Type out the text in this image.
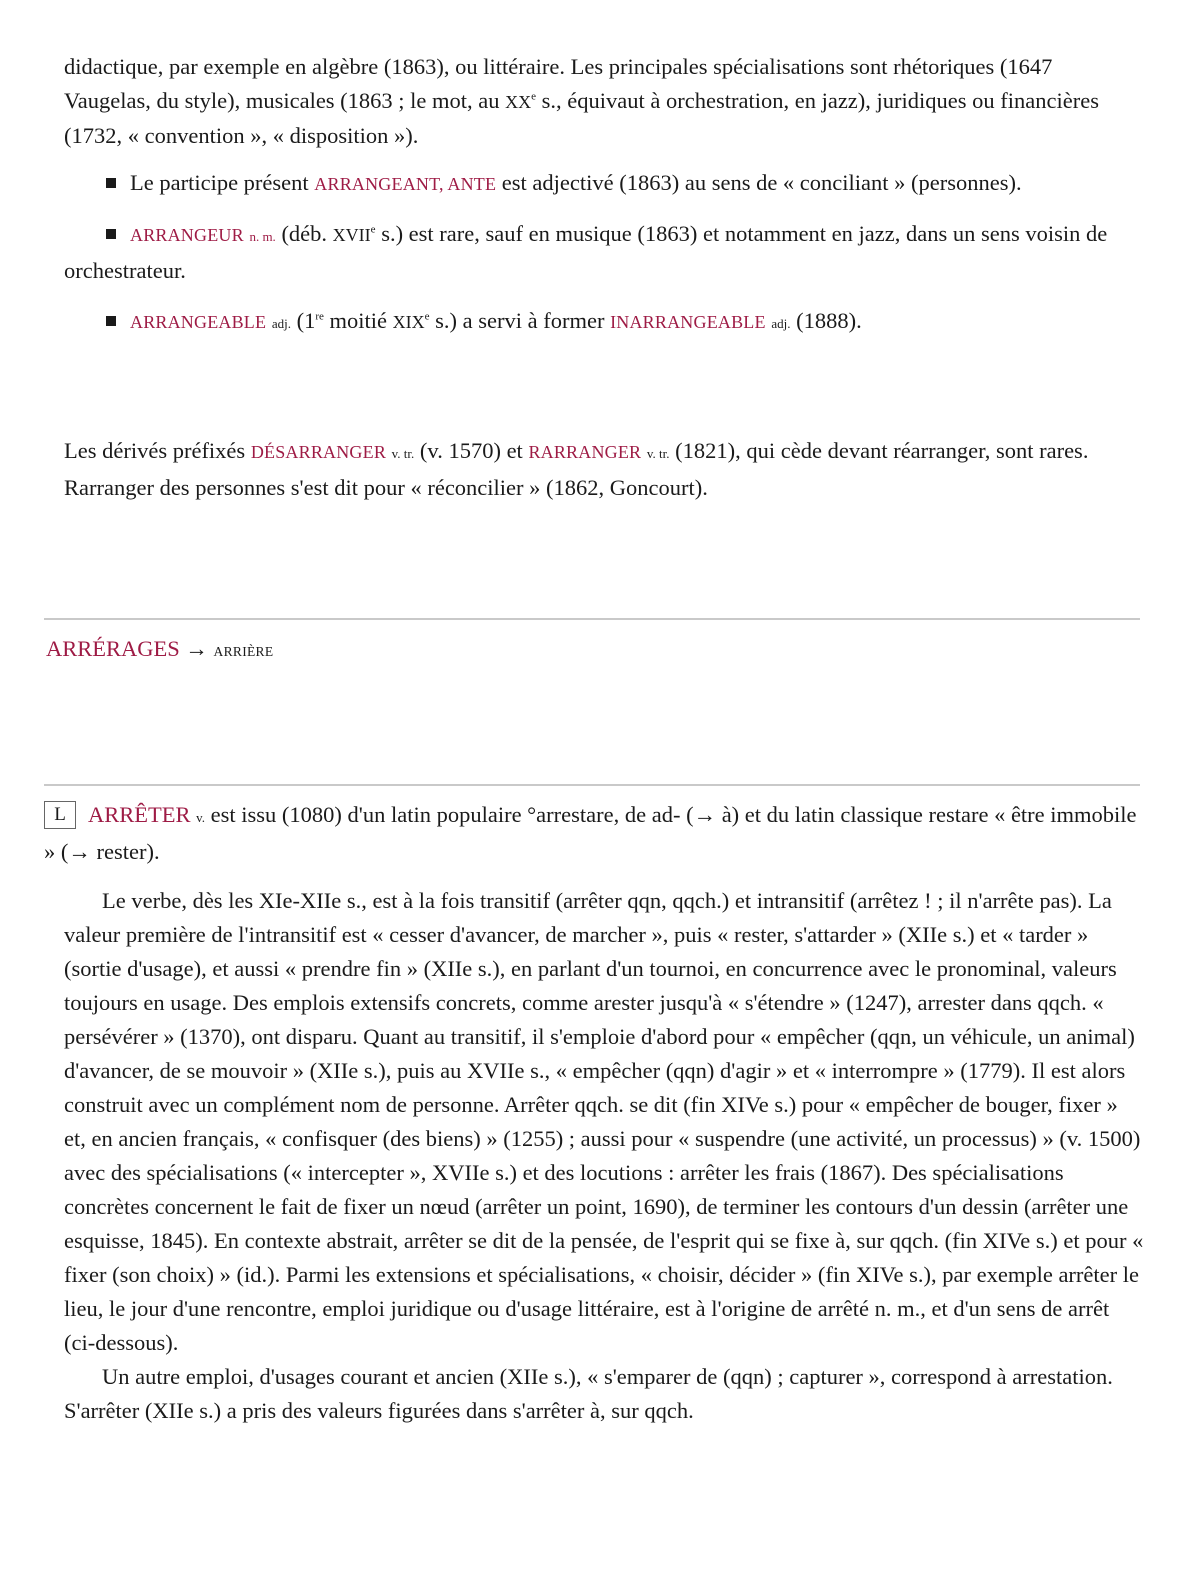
didactique, par exemple en algèbre (1863), ou littéraire. Les principales spécialisations sont rhétoriques (1647 Vaugelas, du style), musicales (1863 ; le mot, au XXe s., équivaut à orchestration, en jazz), juridiques ou financières (1732, « convention », « disposition »).
Le participe présent ARRANGEANT, ANTE est adjectivé (1863) au sens de « conciliant » (personnes).
ARRANGEUR n. m. (déb. XVIIe s.) est rare, sauf en musique (1863) et notamment en jazz, dans un sens voisin de orchestrateur.
ARRANGEABLE adj. (1re moitié XIXe s.) a servi à former INARRANGEABLE adj. (1888).
Les dérivés préfixés DÉSARRANGER v. tr. (v. 1570) et RARRANGER v. tr. (1821), qui cède devant réarranger, sont rares. Rarranger des personnes s'est dit pour « réconcilier » (1862, Goncourt).
ARRÉRAGES → ARRIÈRE
L ARRÊTER v. est issu (1080) d'un latin populaire °arrestare, de ad- (→ à) et du latin classique restare « être immobile » (→ rester).

Le verbe, dès les XIe-XIIe s., est à la fois transitif (arrêter qqn, qqch.) et intransitif (arrêtez ! ; il n'arrête pas). La valeur première de l'intransitif est « cesser d'avancer, de marcher », puis « rester, s'attarder » (XIIe s.) et « tarder » (sortie d'usage), et aussi « prendre fin » (XIIe s.), en parlant d'un tournoi, en concurrence avec le pronominal, valeurs toujours en usage. Des emplois extensifs concrets, comme arester jusqu'à « s'étendre » (1247), arrester dans qqch. « persévérer » (1370), ont disparu. Quant au transitif, il s'emploie d'abord pour « empêcher (qqn, un véhicule, un animal) d'avancer, de se mouvoir » (XIIe s.), puis au XVIIe s., « empêcher (qqn) d'agir » et « interrompre » (1779). Il est alors construit avec un complément nom de personne. Arrêter qqch. se dit (fin XIVe s.) pour « empêcher de bouger, fixer » et, en ancien français, « confisquer (des biens) » (1255) ; aussi pour « suspendre (une activité, un processus) » (v. 1500) avec des spécialisations (« intercepter », XVIIe s.) et des locutions : arrêter les frais (1867). Des spécialisations concrètes concernent le fait de fixer un nœud (arrêter un point, 1690), de terminer les contours d'un dessin (arrêter une esquisse, 1845). En contexte abstrait, arrêter se dit de la pensée, de l'esprit qui se fixe à, sur qqch. (fin XIVe s.) et pour « fixer (son choix) » (id.). Parmi les extensions et spécialisations, « choisir, décider » (fin XIVe s.), par exemple arrêter le lieu, le jour d'une rencontre, emploi juridique ou d'usage littéraire, est à l'origine de arrêté n. m., et d'un sens de arrêt (ci-dessous).

Un autre emploi, d'usages courant et ancien (XIIe s.), « s'emparer de (qqn) ; capturer », correspond à arrestation. S'arrêter (XIIe s.) a pris des valeurs figurées dans s'arrêter à, sur qqch.
